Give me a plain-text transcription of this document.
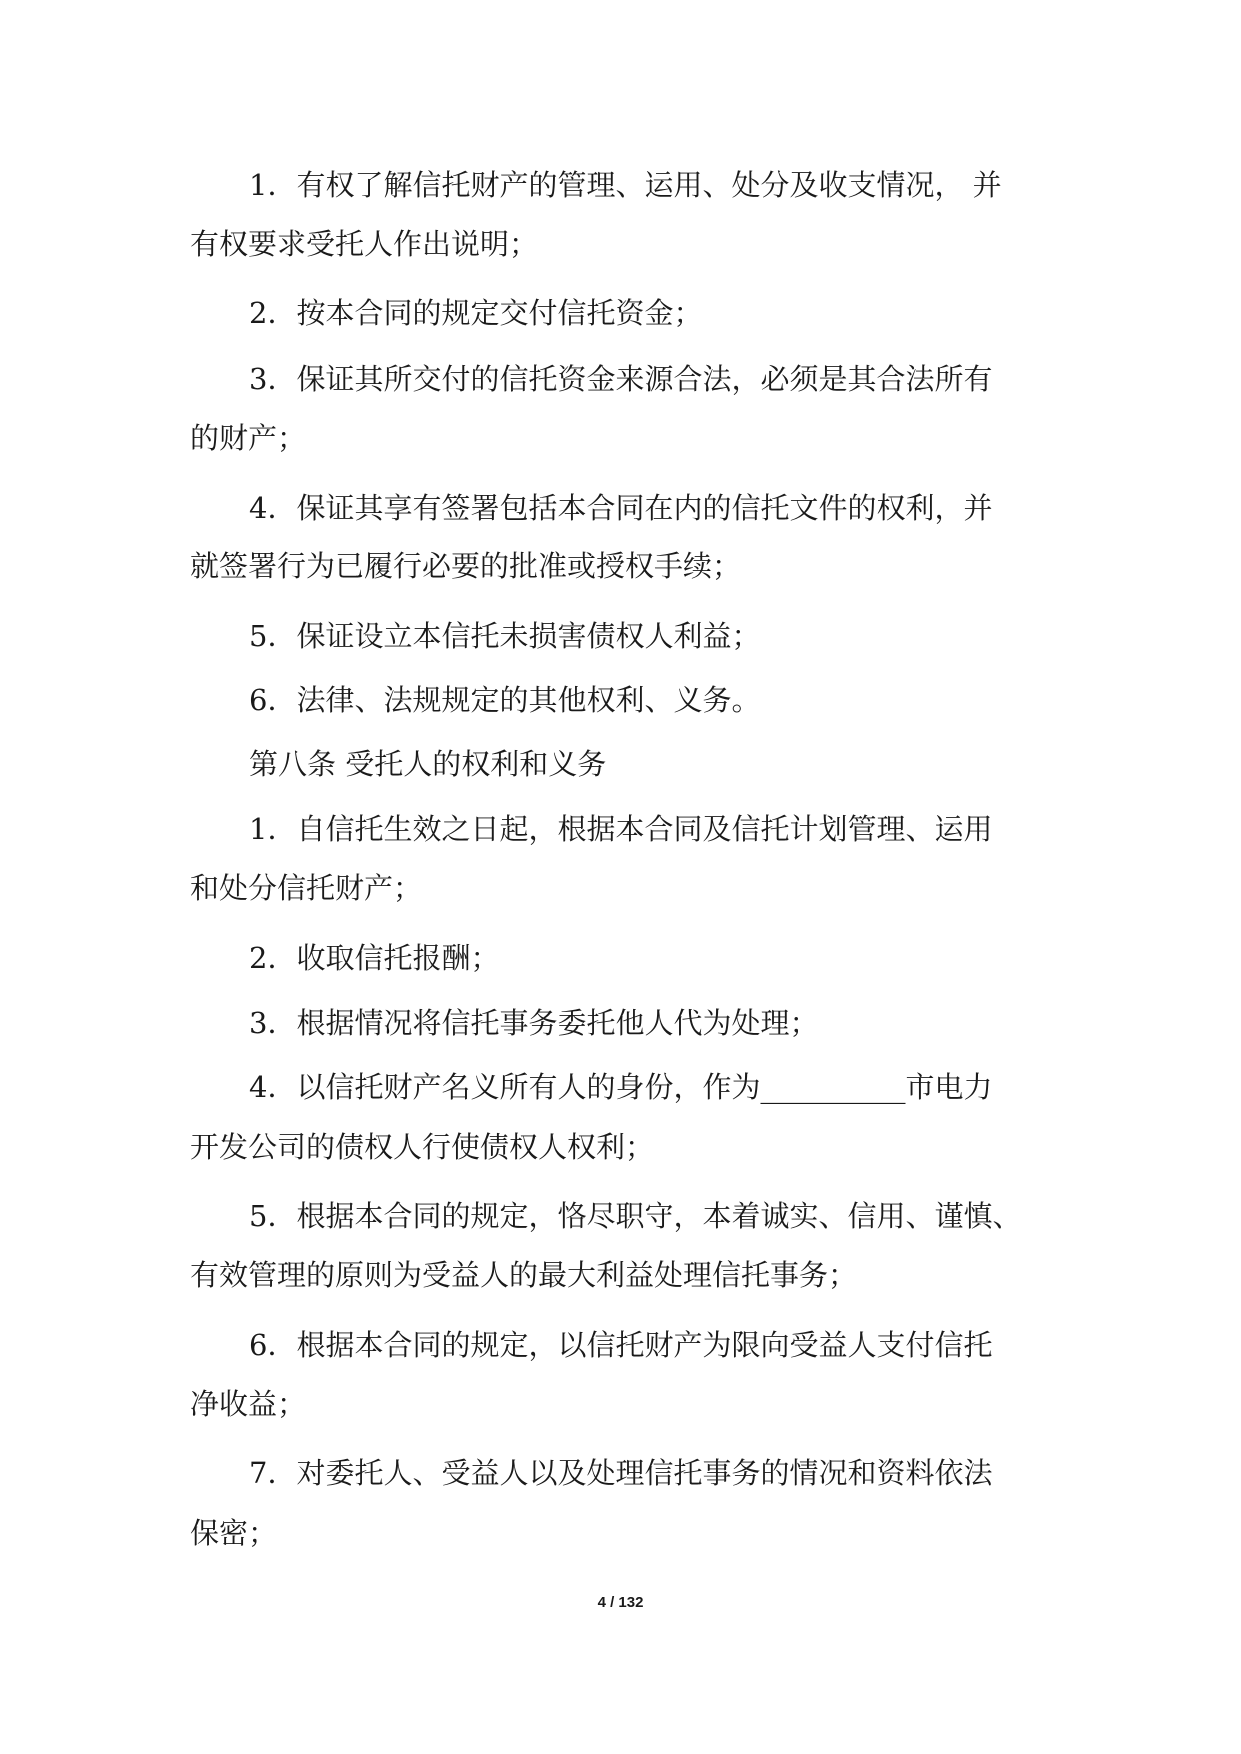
1．有权了解信托财产的管理、运用、处分及收支情况， 并
有权要求受托人作出说明；
2．按本合同的规定交付信托资金；
3．保证其所交付的信托资金来源合法，必须是其合法所有
的财产；
4．保证其享有签署包括本合同在内的信托文件的权利，并
就签署行为已履行必要的批准或授权手续；
5．保证设立本信托未损害债权人利益；
6．法律、法规规定的其他权利、义务。
第八条 受托人的权利和义务
1．自信托生效之日起，根据本合同及信托计划管理、运用
和处分信托财产；
2．收取信托报酬；
3．根据情况将信托事务委托他人代为处理；
4．以信托财产名义所有人的身份，作为__________市电力
开发公司的债权人行使债权人权利；
5．根据本合同的规定，恪尽职守，本着诚实、信用、谨慎、
有效管理的原则为受益人的最大利益处理信托事务；
6．根据本合同的规定，以信托财产为限向受益人支付信托
净收益；
7．对委托人、受益人以及处理信托事务的情况和资料依法
保密；
4 / 132
